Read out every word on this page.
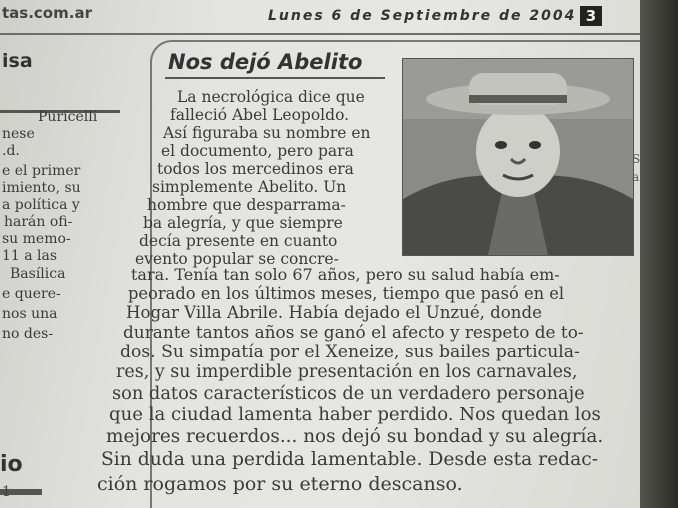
tas.com.ar	Lunes 6 de Septiembre de 2004 3
isa

Puricelli

nese

.d.

e el primer

imiento, su

a política y

harán ofi-

su memo-

11 a las

Basílica

e quere-

nos una

no des-

io
1
Nos dejó Abelito

La necrológica dice que

falleció Abel Leopoldo.

Así figuraba su nombre en

el documento, pero para

todos los mercedinos era

simplemente Abelito. Un

hombre que desparrama-

ba alegría, y que siempre

decía presente en cuanto

evento popular se concre-

tara. Tenía tan solo 67 años, pero su salud había em-

peorado en los últimos meses, tiempo que pasó en el

Hogar Villa Abrile. Había dejado el Unzué, donde

durante tantos años se ganó el afecto y respeto de to-

dos. Su simpatía por el Xeneize, sus bailes particula-

res, y su imperdible presentación en los carnavales,

son datos característicos de un verdadero personaje

que la ciudad lamenta haber perdido. Nos quedan los

mejores recuerdos... nos dejó su bondad y su alegría.

Sin duda una perdida lamentable. Desde esta redac-

ción rogamos por su eterno descanso.

S
a
